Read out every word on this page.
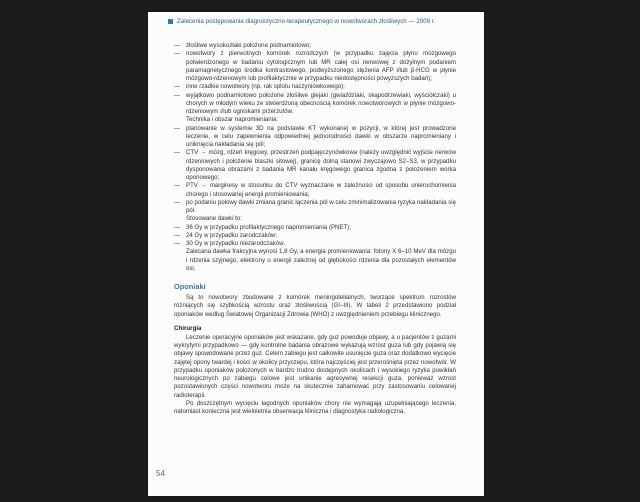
Zalecenia postępowania diagnostyczno-terapeutycznego w nowotworach złośliwych — 2009 r.
— złośliwe wysokozłaki położone podnamiotowo;
— nowotwory z pierwotnych komórek rozrodczych (w przypadku zajęcia płynu mózgowego potwierdzonego w badaniu cytologicznym lub MR całej osi nerwowej z dożylnym podaniem paramagnetycznego środka kontrastowego, podwyższonego stężenia AFP i/lub β-HCG w płynie mózgowo-rdzeniowym lub profilaktycznie w przypadku niedostępności powyższych badań);
— inne rzadkie nowotwory (np. rak splotu naczyniówkowego);
— wyjątkowo podnamiotowo położone złośliwe glejaki (gwiaździaki, skąpodrzewiaki, wyściółczaki) u chorych w młodym wieku ze stwierdzoną obecnością komórek nowotworowych w płynie mózgowo-rdzeniowym i/lub ogniskami przerzutów.
Technika i obszar napromieniania:
— planowanie w systemie 3D na podstawie KT wykonanej w pozycji, w której jest prowadzone leczenie, w celu zapewnienia odpowiedniej jednorodności dawki w obszarze napromieniany i uniknięcia nakładania się pól;
— CTV → mózg, rdzeń kręgowy, przestrzeń podpajęczynówkowa (należy uwzględnić wyjście nerwów rdzeniowych i położenie blaszki sitowej), granicę dolną stanowi zwyczajowo S2–S3, w przypadku dysponowania obrazami z badania MR kanału kręgowego granica zgodna z położeniem worka oponowego;
— PTV → marginesy w stosunku do CTV wyznaczane w zależności od sposobu unieruchomienia chorego i stosowanej energii promieniowania;
— po podaniu połowy dawki zmiana granic łączenia pól w celu zminimalizowania ryzyka nakładania się pól.
Stosowane dawki to:
— 36 Gy w przypadku profilaktycznego napromieniania (PNET);
— 24 Gy w przypadku zarodczaków;
— 30 Gy w przypadku niezarodczaków.
Zalecana dawka frakcyjna wynosi 1,8 Gy, a energia promieniowania: fotony X 6–10 MeV dla mózgu i rdzenia szyjnego, elektrony o energii zależnej od głębokości rdzenia dla pozostałych elementów osi.
Oponiaki
Są to nowotwory zbudowane z komórek meningotelialnych, tworzące spektrum rozrostów różniących się szybkością wzrostu oraz złośliwością (GI–III). W tabeli 2 przedstawiono podział oponiaków według Światowej Organizacji Zdrowia (WHO) z uwzględnieniem przebiegu klinicznego.
Chirurgia
Leczenie operacyjne oponiaków jest wskazane, gdy guz powoduje objawy, a u pacjentów z guzami wykrytymi przypadkowo — gdy kontrolne badania obrazowe wykazują wzrost guza lub gdy pojawią się objawy spowodowane przez guz. Celem zabiegu jest całkowite usunięcie guza oraz dodatkowo wycięcie zajętej opony twardej i kości w okolicy przyczepu, która najczęściej jest przerośnięta przez nowotwór. W przypadku oponiaków położonych w bardzo trudno dostępnych okolicach i wysokiego ryzyka powikłań neurologicznych po zabiegu celowe jest unikanie agresywnej resekcji guza, ponieważ wzrost pozostawionych części nowotworu może na skutecznie zahamować przy zastosowaniu celowanej radioterapii.
Po doszczętnym wycięciu łagodnych oponiaków chory nie wymagają uzupełniającego leczenia, natomiast konieczna jest wieloletnia obserwacja kliniczna i diagnostyka radiologiczna.
54
